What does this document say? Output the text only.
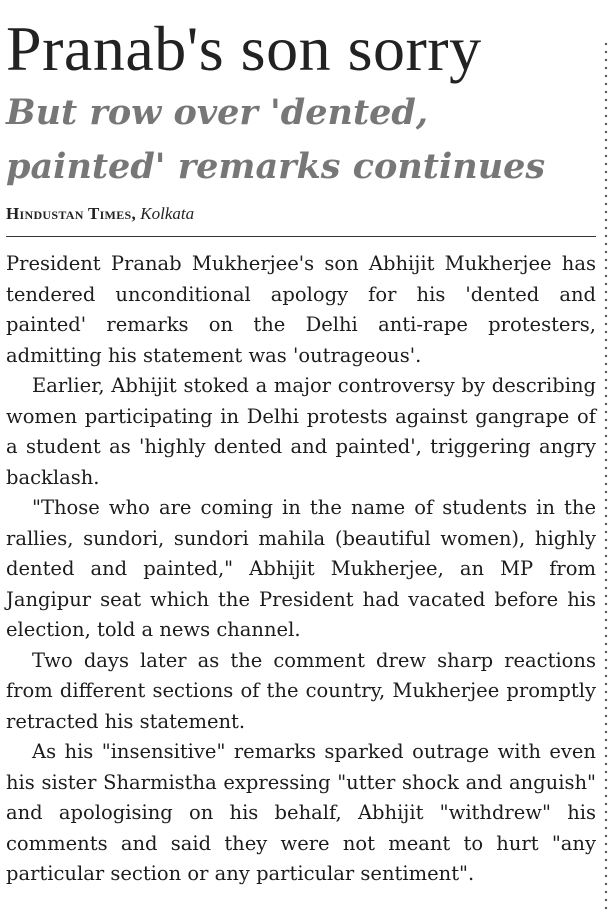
Pranab's son sorry
But row over 'dented, painted' remarks continues
Hindustan Times, Kolkata

President Pranab Mukherjee's son Abhijit Mukherjee has tendered unconditional apology for his 'dented and painted' remarks on the Delhi anti-rape protesters, admitting his statement was 'outrageous'.

Earlier, Abhijit stoked a major controversy by describing women participating in Delhi protests against gangrape of a student as 'highly dented and painted', triggering angry backlash.

"Those who are coming in the name of students in the rallies, sundori, sundori mahila (beautiful women), highly dented and painted," Abhijit Mukherjee, an MP from Jangipur seat which the President had vacated before his election, told a news channel.

Two days later as the comment drew sharp reactions from different sections of the country, Mukherjee promptly retracted his statement.

As his "insensitive" remarks sparked outrage with even his sister Sharmistha expressing "utter shock and anguish" and apologising on his behalf, Abhijit "withdrew" his comments and said they were not meant to hurt "any particular section or any particular sentiment".
